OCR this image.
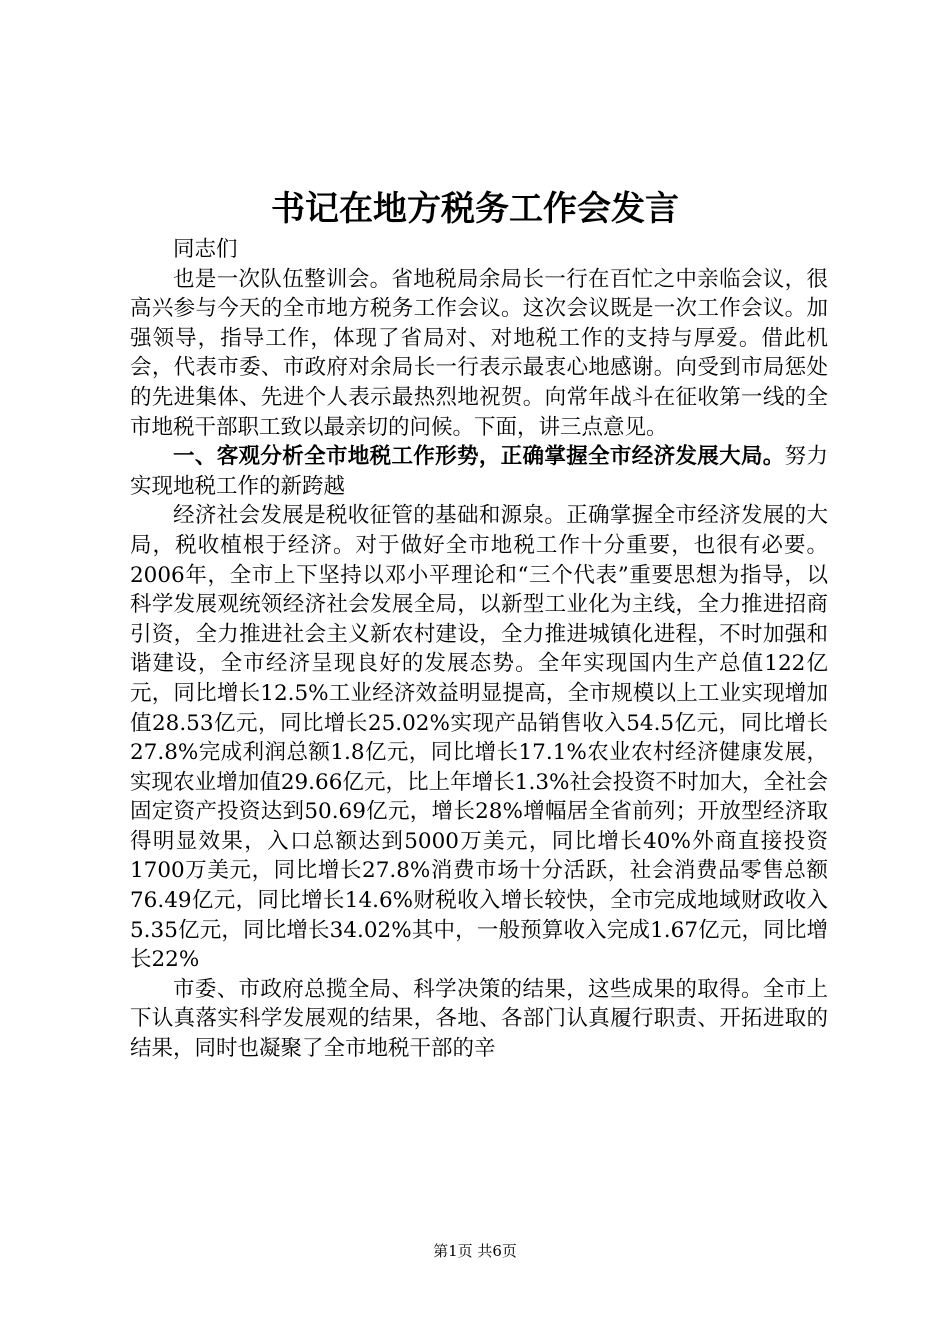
书记在地方税务工作会发言

同志们

也是一次队伍整训会。省地税局余局长一行在百忙之中亲临会议，很高兴参与今天的全市地方税务工作会议。这次会议既是一次工作会议。加强领导，指导工作，体现了省局对、对地税工作的支持与厚爱。借此机会，代表市委、市政府对余局长一行表示最衷心地感谢。向受到市局惩处的先进集体、先进个人表示最热烈地祝贺。向常年战斗在征收第一线的全市地税干部职工致以最亲切的问候。下面，讲三点意见。

一、客观分析全市地税工作形势，正确掌握全市经济发展大局。努力实现地税工作的新跨越

经济社会发展是税收征管的基础和源泉。正确掌握全市经济发展的大局，税收植根于经济。对于做好全市地税工作十分重要，也很有必要。2006年，全市上下坚持以邓小平理论和“三个代表”重要思想为指导，以科学发展观统领经济社会发展全局，以新型工业化为主线，全力推进招商引资，全力推进社会主义新农村建设，全力推进城镇化进程，不时加强和谐建设，全市经济呈现良好的发展态势。全年实现国内生产总值122亿元，同比增长12.5%工业经济效益明显提高，全市规模以上工业实现增加值28.53亿元，同比增长25.02%实现产品销售收入54.5亿元，同比增长27.8%完成利润总额1.8亿元，同比增长17.1%农业农村经济健康发展，实现农业增加值29.66亿元，比上年增长1.3%社会投资不时加大，全社会固定资产投资达到50.69亿元，增长28%增幅居全省前列；开放型经济取得明显效果，入口总额达到5000万美元，同比增长40%外商直接投资1700万美元，同比增长27.8%消费市场十分活跃，社会消费品零售总额76.49亿元，同比增长14.6%财税收入增长较快，全市完成地域财政收入5.35亿元，同比增长34.02%其中，一般预算收入完成1.67亿元，同比增长22%

市委、市政府总揽全局、科学决策的结果，这些成果的取得。全市上下认真落实科学发展观的结果，各地、各部门认真履行职责、开拓进取的结果，同时也凝聚了全市地税干部的辛

第1页 共6页
